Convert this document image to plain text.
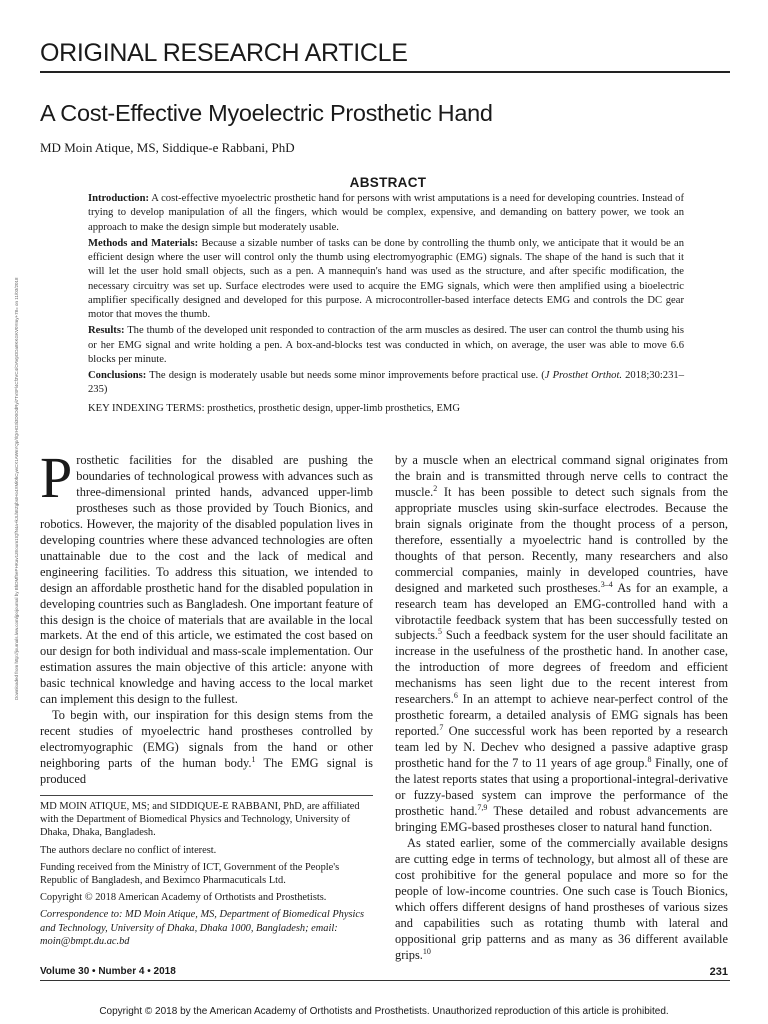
ORIGINAL RESEARCH ARTICLE
A Cost-Effective Myoelectric Prosthetic Hand
MD Moin Atique, MS, Siddique-e Rabbani, PhD
ABSTRACT

Introduction: A cost-effective myoelectric prosthetic hand for persons with wrist amputations is a need for developing countries. Instead of trying to develop manipulation of all the fingers, which would be complex, expensive, and demanding on battery power, we took an approach to make the design simple but moderately usable.

Methods and Materials: Because a sizable number of tasks can be done by controlling the thumb only, we anticipate that it would be an efficient design where the user will control only the thumb using electromyographic (EMG) signals. The shape of the hand is such that it will let the user hold small objects, such as a pen. A mannequin's hand was used as the structure, and after specific modification, the necessary circuitry was set up. Surface electrodes were used to acquire the EMG signals, which were then amplified using a bioelectric amplifier specifically designed and developed for this purpose. A microcontroller-based interface detects EMG and controls the DC gear motor that moves the thumb.

Results: The thumb of the developed unit responded to contraction of the arm muscles as desired. The user can control the thumb using his or her EMG signal and write holding a pen. A box-and-blocks test was conducted in which, on average, the user was able to move 6.6 blocks per minute.

Conclusions: The design is moderately usable but needs some minor improvements before practical use. (J Prosthet Orthot. 2018;30:231–235)

KEY INDEXING TERMS: prosthetics, prosthetic design, upper-limb prosthetics, EMG

Downloaded from http://journals.lww.com/jpojournal by BhDMf5ePHKav1zEoum1tQfN4a+kJLhEZgbsIHo4XMi0hCywCX1AWnYQp/IlQrHD3i3D0OdRyi7TvSFl4Cf3VC4/OAVpDDa8KKGKV0Ymy+78= on 11/03/2018 Prosthetic facilities for the disabled are pushing the boundaries of technological prowess with advances such as three-dimensional printed hands, advanced upper-limb prostheses such as those provided by Touch Bionics, and robotics. However, the majority of the disabled population lives in developing countries where these advanced technologies are often unattainable due to the cost and the lack of medical and engineering facilities. To address this situation, we intended to design an affordable prosthetic hand for the disabled population in developing countries such as Bangladesh. One important feature of this design is the choice of materials that are available in the local markets. At the end of this article, we estimated the cost based on our design for both individual and mass-scale implementation. Our estimation assures the main objective of this article: anyone with basic technical knowledge and having access to the local market can implement this design to the fullest.

To begin with, our inspiration for this design stems from the recent studies of myoelectric hand prostheses controlled by electromyographic (EMG) signals from the hand or other neighboring parts of the human body.$^1$ The EMG signal is produced

by a muscle when an electrical command signal originates from the brain and is transmitted through nerve cells to contract the muscle.$^2$ It has been possible to detect such signals from the appropriate muscles using skin-surface electrodes. Because the brain signals originate from the thought process of a person, therefore, essentially a myoelectric hand is controlled by the thoughts of that person. Recently, many researchers and also commercial companies, mainly in developed countries, have designed and marketed such prostheses.$^{3-4}$ As for an example, a research team has developed an EMG-controlled hand with a vibrotactile feedback system that has been successfully tested on subjects.$^5$ Such a feedback system for the user should facilitate an increase in the usefulness of the prosthetic hand. In another case, the introduction of more degrees of freedom and efficient mechanisms has seen light due to the recent interest from researchers.$^6$ In an attempt to achieve near-perfect control of the prosthetic forearm, a detailed analysis of EMG signals has been reported.$^7$ One successful work has been reported by a research team led by N. Dechev who designed a passive adaptive grasp prosthetic hand for the 7 to 11 years of age group.$^8$ Finally, one of the latest reports states that using a proportional-integral-derivative or fuzzy-based system can improve the performance of the prosthetic hand.$^{7,9}$ These detailed and robust advancements are bringing EMG-based prostheses closer to natural hand function.

As stated earlier, some of the commercially available designs are cutting edge in terms of technology, but almost all of these are cost prohibitive for the general populace and more so for the people of low-income countries. One such case is Touch Bionics, which offers different designs of hand prostheses of various sizes and capabilities such as rotating thumb with lateral and oppositional grip patterns and as many as 36 different available grips.$^{10}$

MD MOIN ATIQUE, MS; and SIDDIQUE-E RABBANI, PhD, are affiliated with the Department of Biomedical Physics and Technology, University of Dhaka, Dhaka, Bangladesh.

The authors declare no conflict of interest.

Funding received from the Ministry of ICT, Government of the People's Republic of Bangladesh, and Beximco Pharmacuticals Ltd.

Copyright © 2018 American Academy of Orthotists and Prosthetists.

Correspondence to: MD Moin Atique, MS, Department of Biomedical Physics and Technology, University of Dhaka, Dhaka 1000, Bangladesh; email: moin@bmpt.du.ac.bd

Volume 30 • Number 4 • 2018	231
Copyright © 2018 by the American Academy of Orthotists and Prosthetists. Unauthorized reproduction of this article is prohibited.
